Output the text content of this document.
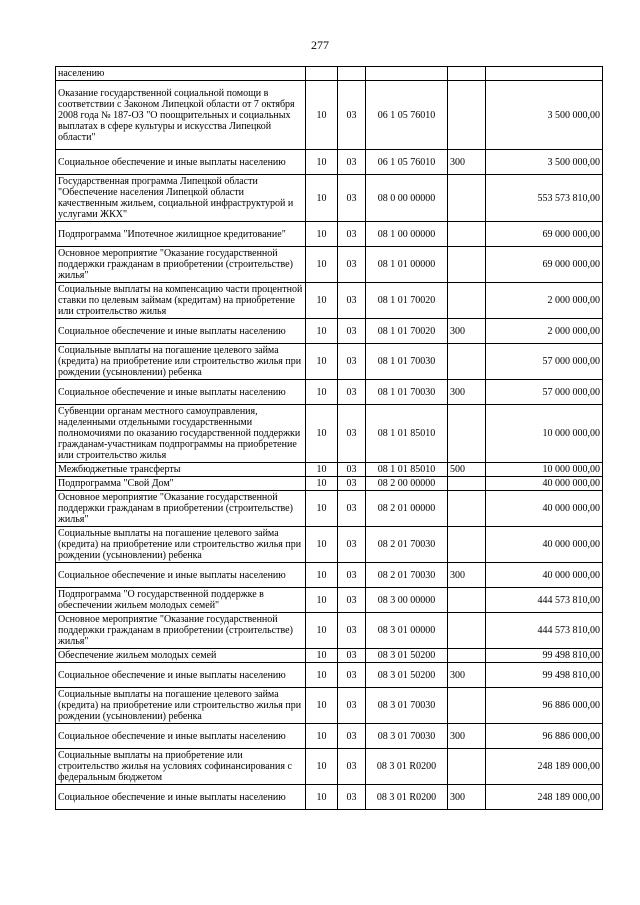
277
населению					
Оказание государственной социальной помощи в соответствии с Законом Липецкой области от 7 октября 2008 года № 187-ОЗ "О поощрительных и социальных выплатах в сфере культуры и искусства Липецкой области"	10	03	06 1 05 76010		3 500 000,00
Социальное обеспечение и иные выплаты населению	10	03	06 1 05 76010	300	3 500 000,00
Государственная программа Липецкой области "Обеспечение населения Липецкой области качественным жильем, социальной инфраструктурой и услугами ЖКХ"	10	03	08 0 00 00000		553 573 810,00
Подпрограмма "Ипотечное жилищное кредитование"	10	03	08 1 00 00000		69 000 000,00
Основное мероприятие "Оказание государственной поддержки гражданам в приобретении (строительстве) жилья"	10	03	08 1 01 00000		69 000 000,00
Социальные выплаты на компенсацию части процентной ставки по целевым займам (кредитам) на приобретение или строительство жилья	10	03	08 1 01 70020		2 000 000,00
Социальное обеспечение и иные выплаты населению	10	03	08 1 01 70020	300	2 000 000,00
Социальные выплаты на погашение целевого займа (кредита) на приобретение или строительство жилья при рождении (усыновлении) ребенка	10	03	08 1 01 70030		57 000 000,00
Социальное обеспечение и иные выплаты населению	10	03	08 1 01 70030	300	57 000 000,00
Субвенции органам местного самоуправления, наделенными отдельными государственными полномочиями по оказанию государственной поддержки гражданам-участникам подпрограммы на приобретение или строительство жилья	10	03	08 1 01 85010		10 000 000,00
Межбюджетные трансферты	10	03	08 1 01 85010	500	10 000 000,00
Подпрограмма "Свой Дом"	10	03	08 2 00 00000		40 000 000,00
Основное мероприятие "Оказание государственной поддержки гражданам в приобретении (строительстве) жилья"	10	03	08 2 01 00000		40 000 000,00
Социальные выплаты на погашение целевого займа (кредита) на приобретение или строительство жилья при рождении (усыновлении) ребенка	10	03	08 2 01 70030		40 000 000,00
Социальное обеспечение и иные выплаты населению	10	03	08 2 01 70030	300	40 000 000,00
Подпрограмма "О государственной поддержке в обеспечении жильем молодых семей"	10	03	08 3 00 00000		444 573 810,00
Основное мероприятие "Оказание государственной поддержки гражданам в приобретении (строительстве) жилья"	10	03	08 3 01 00000		444 573 810,00
Обеспечение жильем молодых семей	10	03	08 3 01 50200		99 498 810,00
Социальное обеспечение и иные выплаты населению	10	03	08 3 01 50200	300	99 498 810,00
Социальные выплаты на погашение целевого займа (кредита) на приобретение или строительство жилья при рождении (усыновлении) ребенка	10	03	08 3 01 70030		96 886 000,00
Социальное обеспечение и иные выплаты населению	10	03	08 3 01 70030	300	96 886 000,00
Социальные выплаты на приобретение или строительство жилья на условиях софинансирования с федеральным бюджетом	10	03	08 3 01 R0200		248 189 000,00
Социальное обеспечение и иные выплаты населению	10	03	08 3 01 R0200	300	248 189 000,00
